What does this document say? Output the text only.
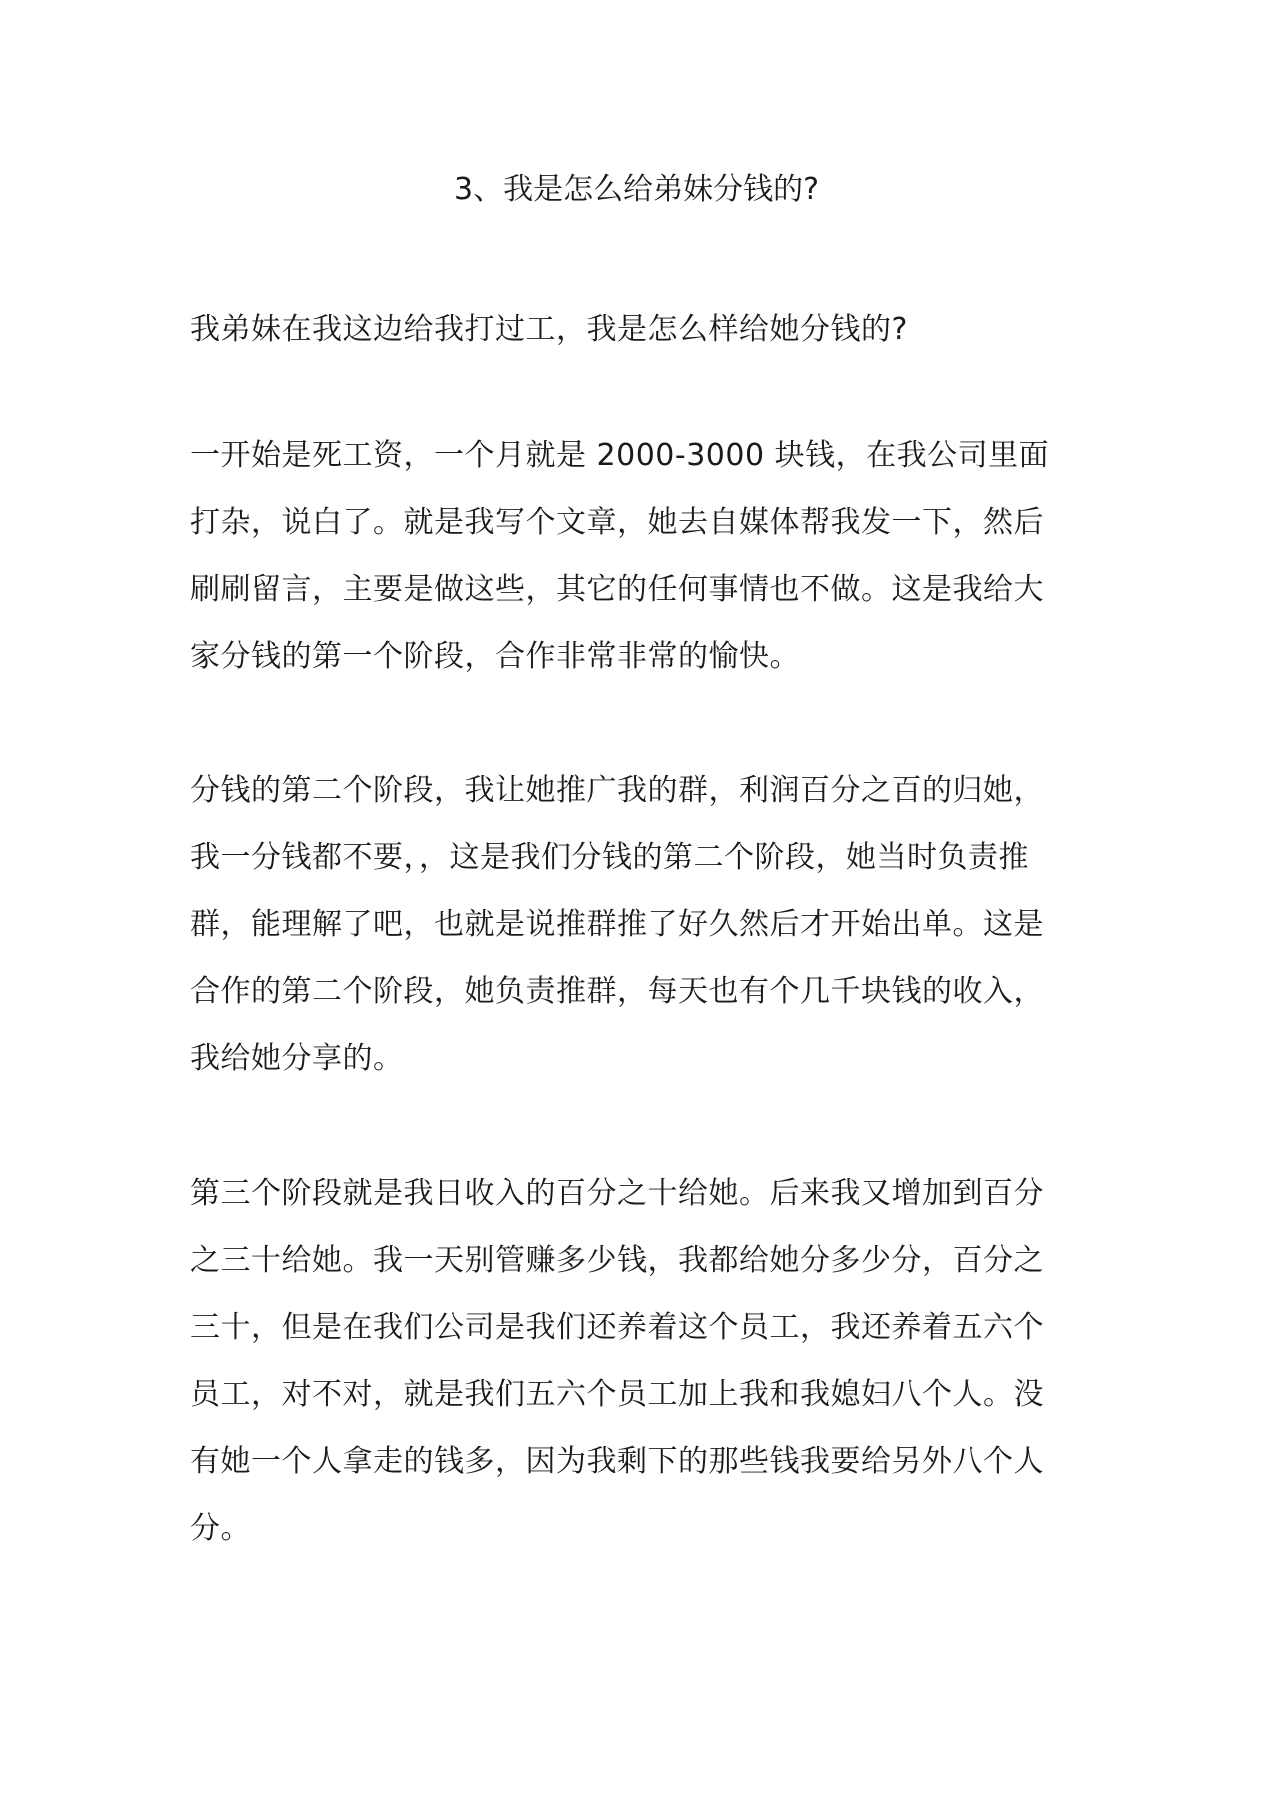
3、我是怎么给弟妹分钱的?

我弟妹在我这边给我打过工，我是怎么样给她分钱的?

一开始是死工资，一个月就是 2000-3000 块钱，在我公司里面
打杂，说白了。就是我写个文章，她去自媒体帮我发一下，然后
刷刷留言，主要是做这些，其它的任何事情也不做。这是我给大
家分钱的第一个阶段，合作非常非常的愉快。

分钱的第二个阶段，我让她推广我的群，利润百分之百的归她，
我一分钱都不要，，这是我们分钱的第二个阶段，她当时负责推
群，能理解了吧，也就是说推群推了好久然后才开始出单。这是
合作的第二个阶段，她负责推群，每天也有个几千块钱的收入，
我给她分享的。

第三个阶段就是我日收入的百分之十给她。后来我又增加到百分
之三十给她。我一天别管赚多少钱，我都给她分多少分，百分之
三十，但是在我们公司是我们还养着这个员工，我还养着五六个
员工，对不对，就是我们五六个员工加上我和我媳妇八个人。没
有她一个人拿走的钱多，因为我剩下的那些钱我要给另外八个人
分。
